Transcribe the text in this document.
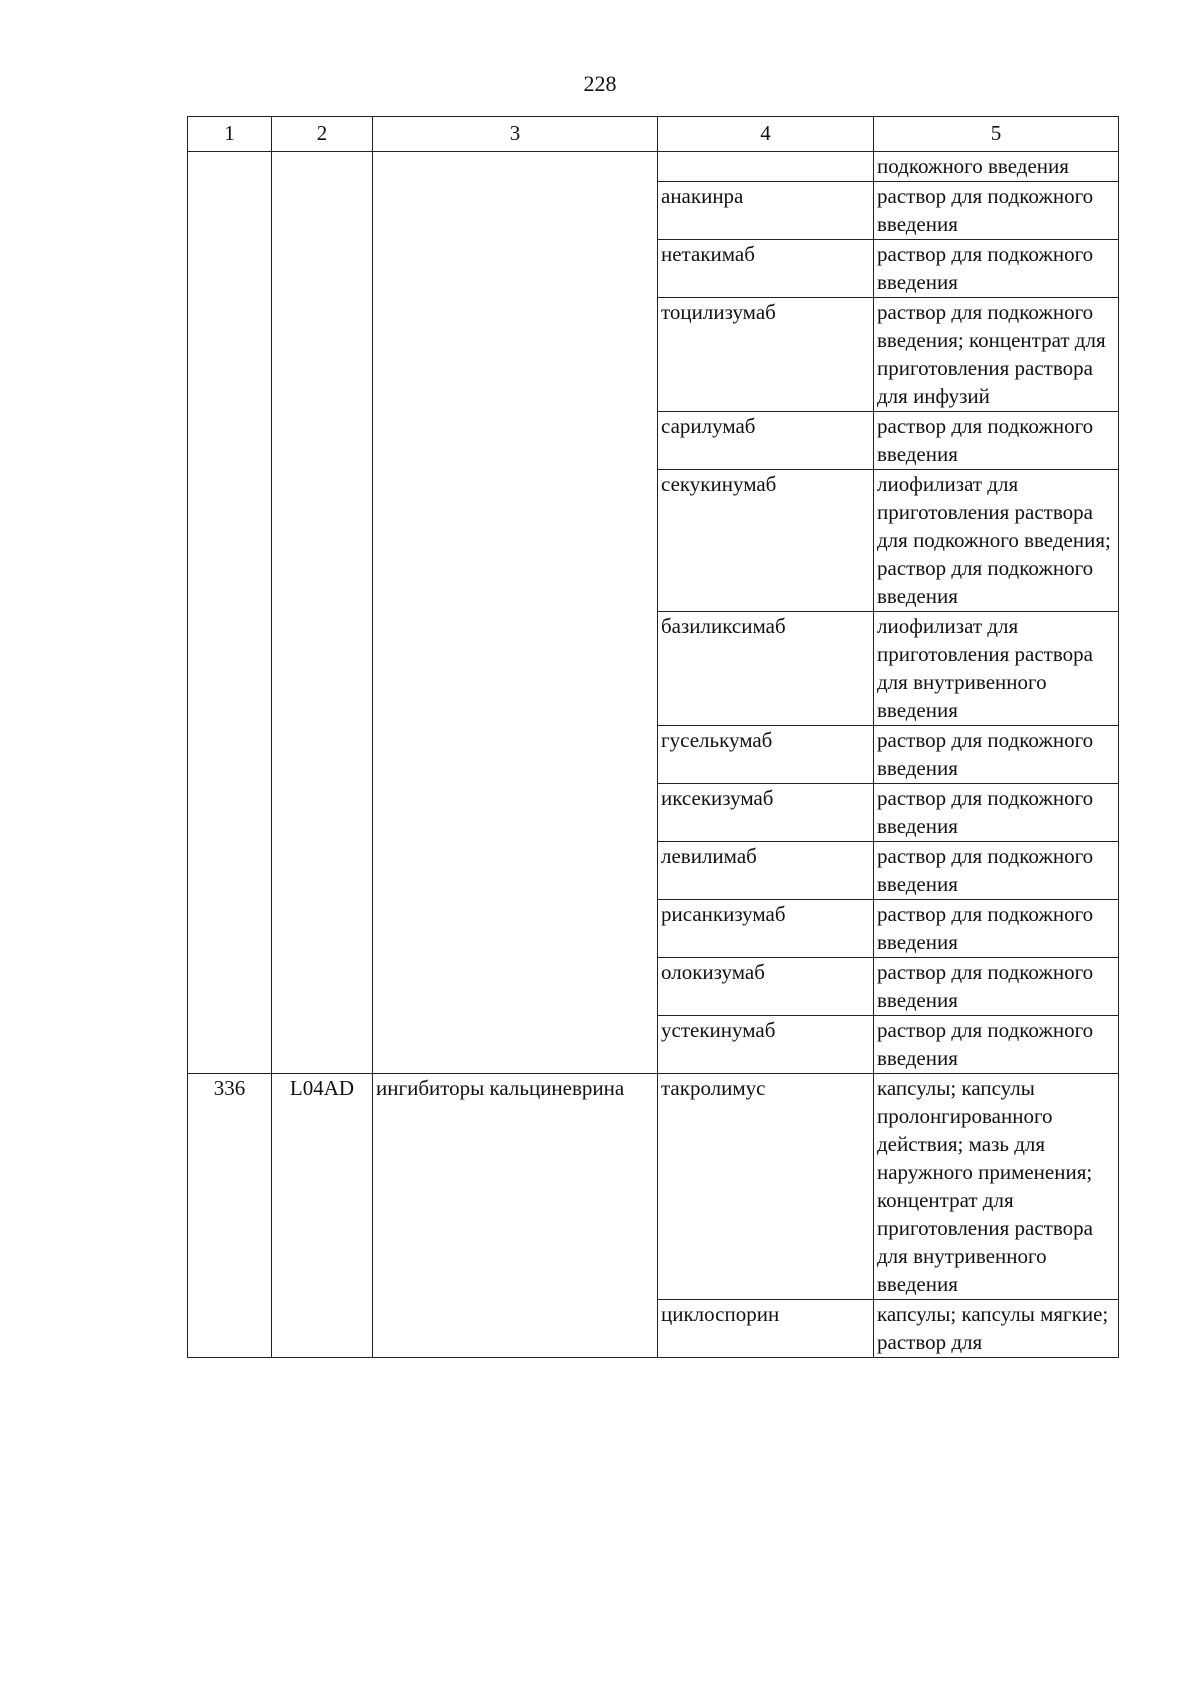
228
1	2	3	4	5
				подкожного введения
			анакинра	раствор для подкожного введения
			нетакимаб	раствор для подкожного введения
			тоцилизумаб	раствор для подкожного введения; концентрат для приготовления раствора для инфузий
			сарилумаб	раствор для подкожного введения
			секукинумаб	лиофилизат для приготовления раствора для подкожного введения; раствор для подкожного введения
			базиликсимаб	лиофилизат для приготовления раствора для внутривенного введения
			гуселькумаб	раствор для подкожного введения
			иксекизумаб	раствор для подкожного введения
			левилимаб	раствор для подкожного введения
			рисанкизумаб	раствор для подкожного введения
			олокизумаб	раствор для подкожного введения
			устекинумаб	раствор для подкожного введения
336	L04AD	ингибиторы кальциневрина	такролимус	капсулы; капсулы пролонгированного действия; мазь для наружного применения; концентрат для приготовления раствора для внутривенного введения
			циклоспорин	капсулы; капсулы мягкие; раствор для
